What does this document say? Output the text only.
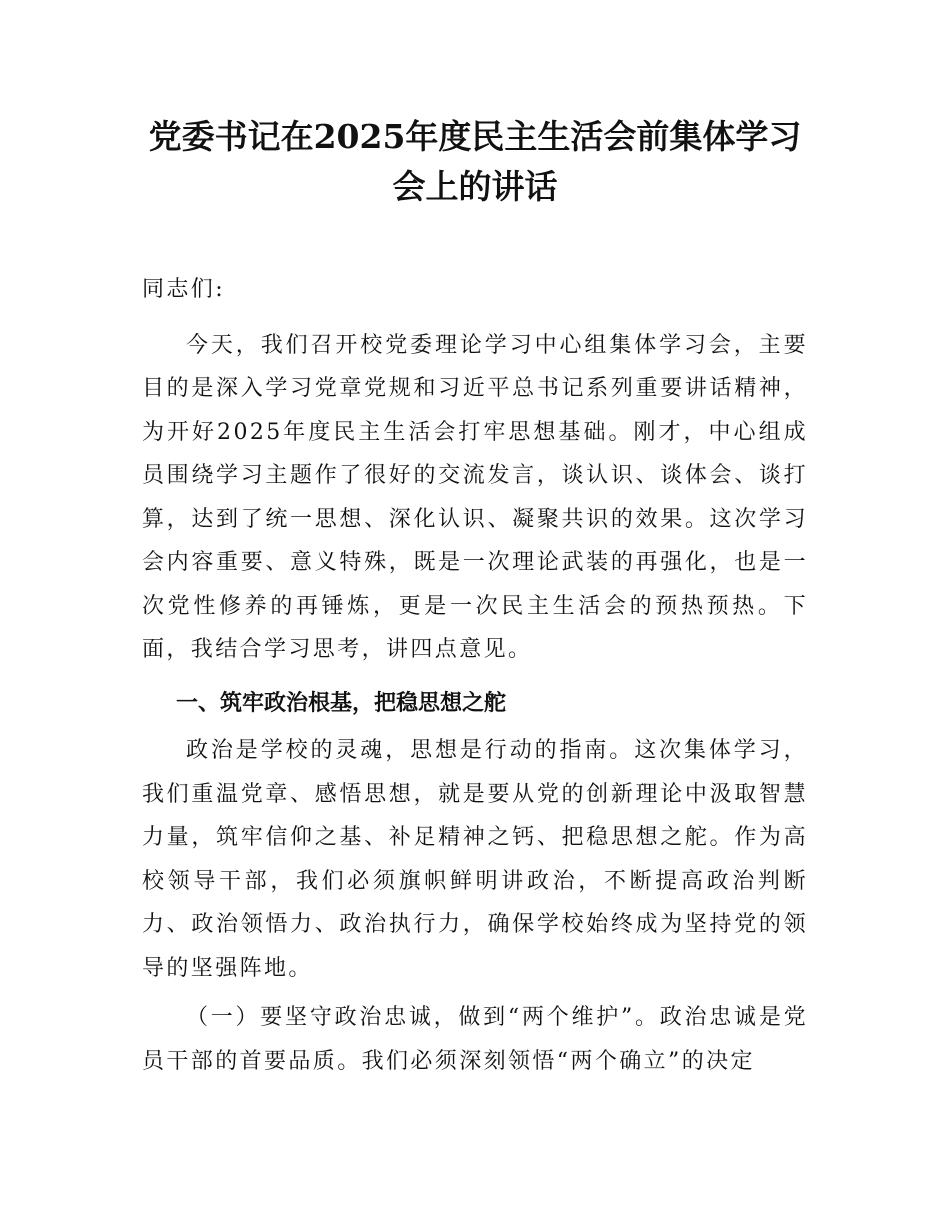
党委书记在2025年度民主生活会前集体学习
会上的讲话

同志们:

今天，我们召开校党委理论学习中心组集体学习会，主要目的是深入学习党章党规和习近平总书记系列重要讲话精神，为开好2025年度民主生活会打牢思想基础。刚才，中心组成员围绕学习主题作了很好的交流发言，谈认识、谈体会、谈打算，达到了统一思想、深化认识、凝聚共识的效果。这次学习会内容重要、意义特殊，既是一次理论武装的再强化，也是一次党性修养的再锤炼，更是一次民主生活会的预热预热。下面，我结合学习思考，讲四点意见。

一、筑牢政治根基，把稳思想之舵

政治是学校的灵魂，思想是行动的指南。这次集体学习，我们重温党章、感悟思想，就是要从党的创新理论中汲取智慧力量，筑牢信仰之基、补足精神之钙、把稳思想之舵。作为高校领导干部，我们必须旗帜鲜明讲政治，不断提高政治判断力、政治领悟力、政治执行力，确保学校始终成为坚持党的领导的坚强阵地。

（一）要坚守政治忠诚，做到“两个维护”。政治忠诚是党员干部的首要品质。我们必须深刻领悟“两个确立”的决定
